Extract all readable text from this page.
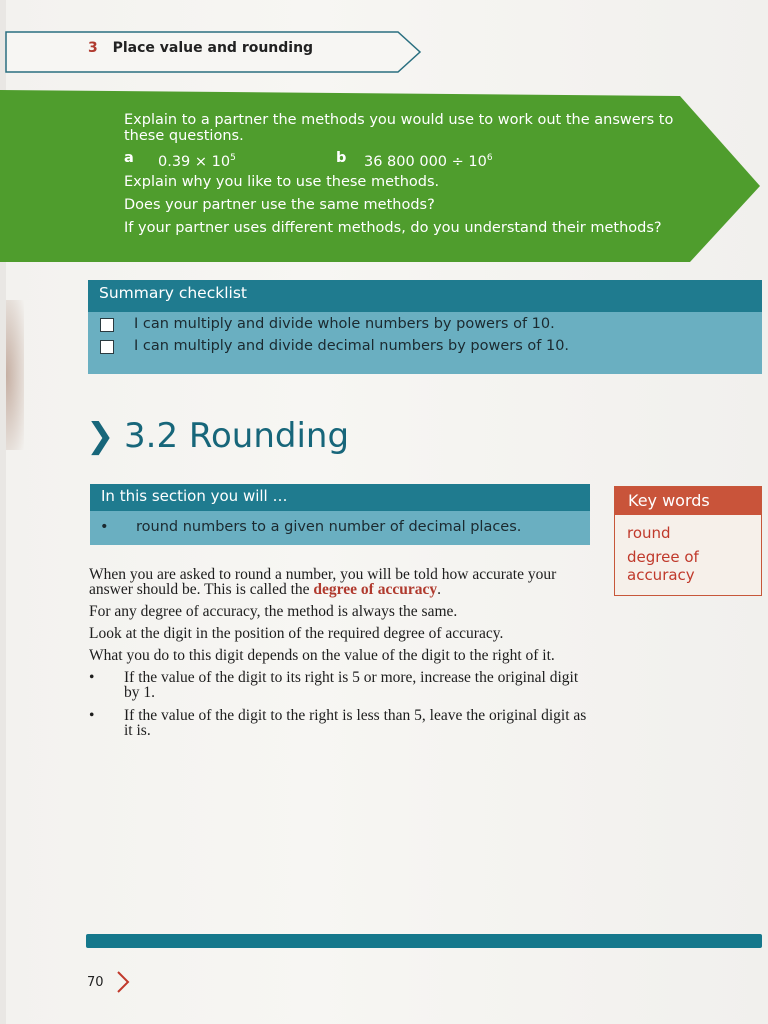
3 Place value and rounding

Explain to a partner the methods you would use to work out the answers to these questions.

a $0.39 \times 10^5$	b 36 800 $000 \div 10^6$

Explain why you like to use these methods.

Does your partner use the same methods?

If your partner uses different methods, do you understand their methods?

Summary checklist
I can multiply and divide whole numbers by powers of 10.
I can multiply and divide decimal numbers by powers of 10.
❯ 3.2 Rounding
In this section you will …
• round numbers to a given number of decimal places.
Key words
round
degree of
accuracy

When you are asked to round a number, you will be told how accurate your answer should be. This is called the degree of accuracy.

For any degree of accuracy, the method is always the same.

Look at the digit in the position of the required degree of accuracy.

What you do to this digit depends on the value of the digit to the right of it.

• If the value of the digit to its right is 5 or more, increase the original digit by 1.
• If the value of the digit to the right is less than 5, leave the original digit as it is.
70
